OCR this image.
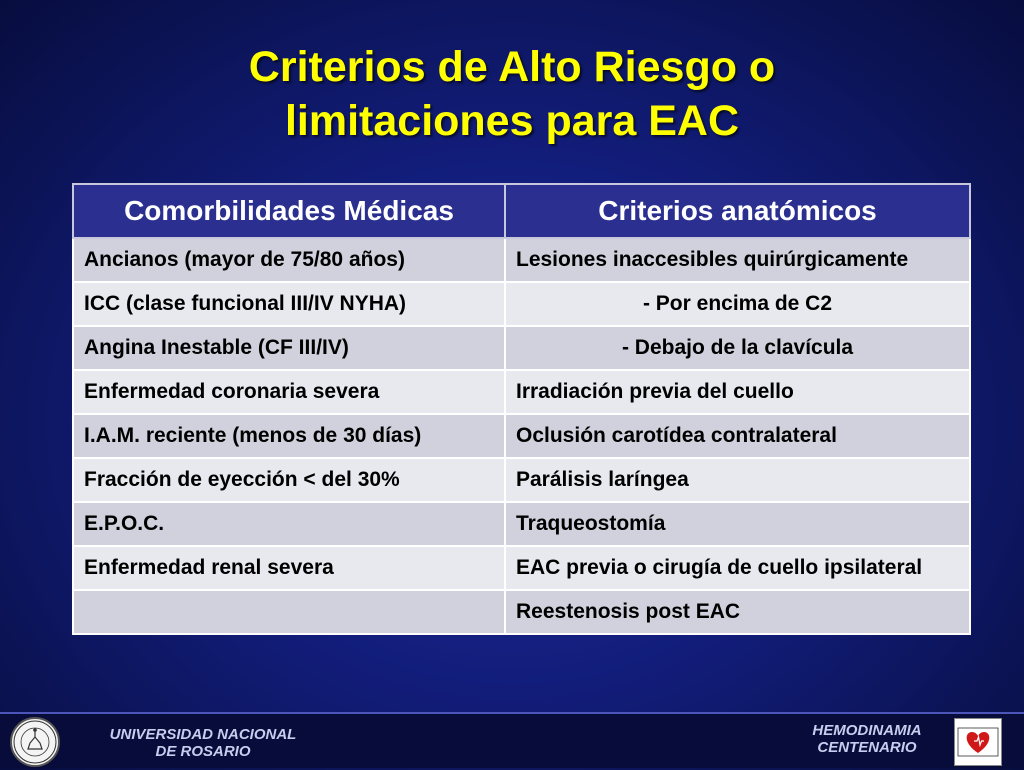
Criterios de Alto Riesgo o
limitaciones para EAC
Comorbilidades Médicas	Criterios anatómicos
Ancianos (mayor de 75/80 años)	Lesiones inaccesibles quirúrgicamente
ICC (clase funcional III/IV NYHA)	- Por encima de C2
Angina Inestable (CF III/IV)	- Debajo de la clavícula
Enfermedad coronaria severa	Irradiación previa del cuello
I.A.M. reciente (menos de 30 días)	Oclusión carotídea contralateral
Fracción de eyección < del 30%	Parálisis laríngea
E.P.O.C.	Traqueostomía
Enfermedad renal severa	EAC previa o cirugía de cuello ipsilateral
	Reestenosis post EAC
UNIVERSIDAD NACIONAL
DE ROSARIO
HEMODINAMIA
CENTENARIO
